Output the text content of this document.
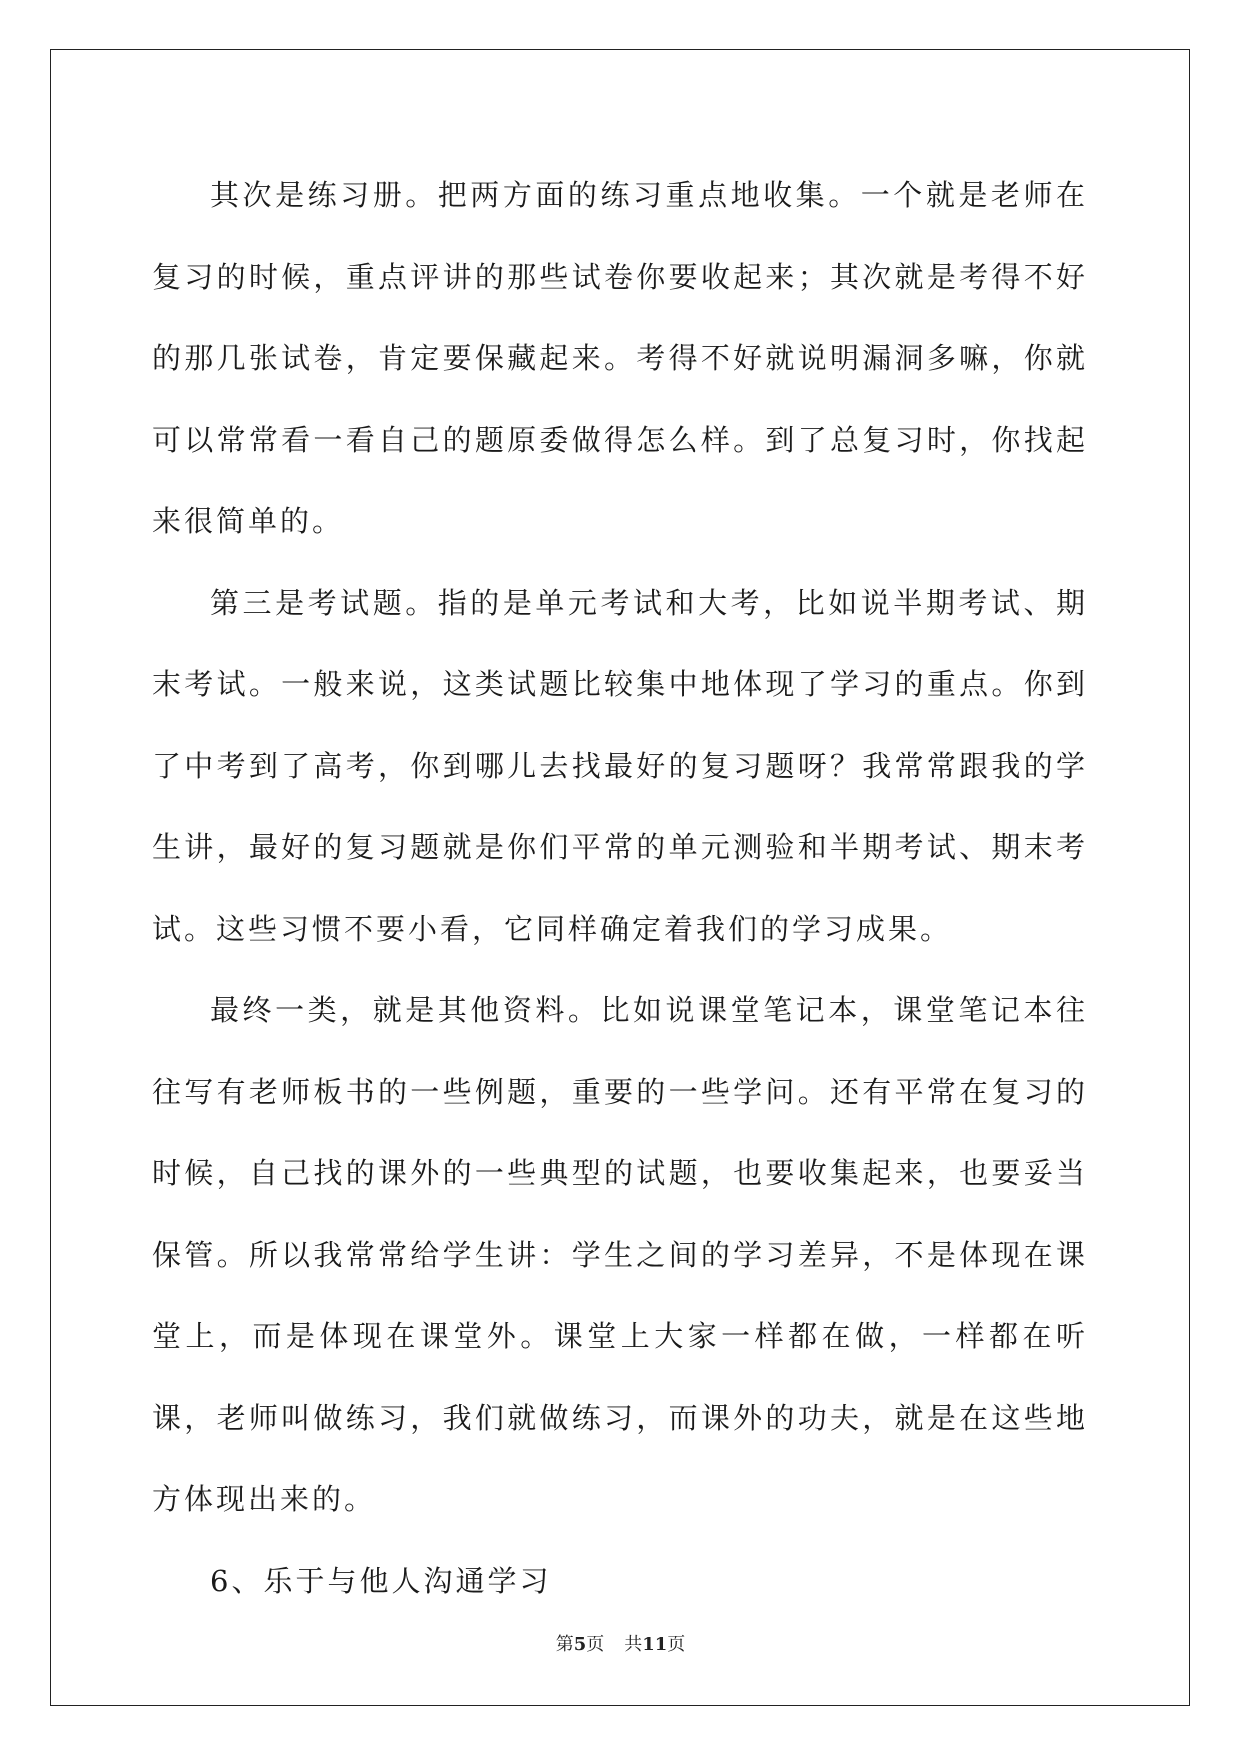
其次是练习册。把两方面的练习重点地收集。一个就是老师在复习的时候，重点评讲的那些试卷你要收起来；其次就是考得不好的那几张试卷，肯定要保藏起来。考得不好就说明漏洞多嘛，你就可以常常看一看自己的题原委做得怎么样。到了总复习时，你找起来很简单的。

第三是考试题。指的是单元考试和大考，比如说半期考试、期末考试。一般来说，这类试题比较集中地体现了学习的重点。你到了中考到了高考，你到哪儿去找最好的复习题呀？我常常跟我的学生讲，最好的复习题就是你们平常的单元测验和半期考试、期末考试。这些习惯不要小看，它同样确定着我们的学习成果。

最终一类，就是其他资料。比如说课堂笔记本，课堂笔记本往往写有老师板书的一些例题，重要的一些学问。还有平常在复习的时候，自己找的课外的一些典型的试题，也要收集起来，也要妥当保管。所以我常常给学生讲：学生之间的学习差异，不是体现在课堂上，而是体现在课堂外。课堂上大家一样都在做，一样都在听课，老师叫做练习，我们就做练习，而课外的功夫，就是在这些地方体现出来的。

6、乐于与他人沟通学习

第5页 共11页
